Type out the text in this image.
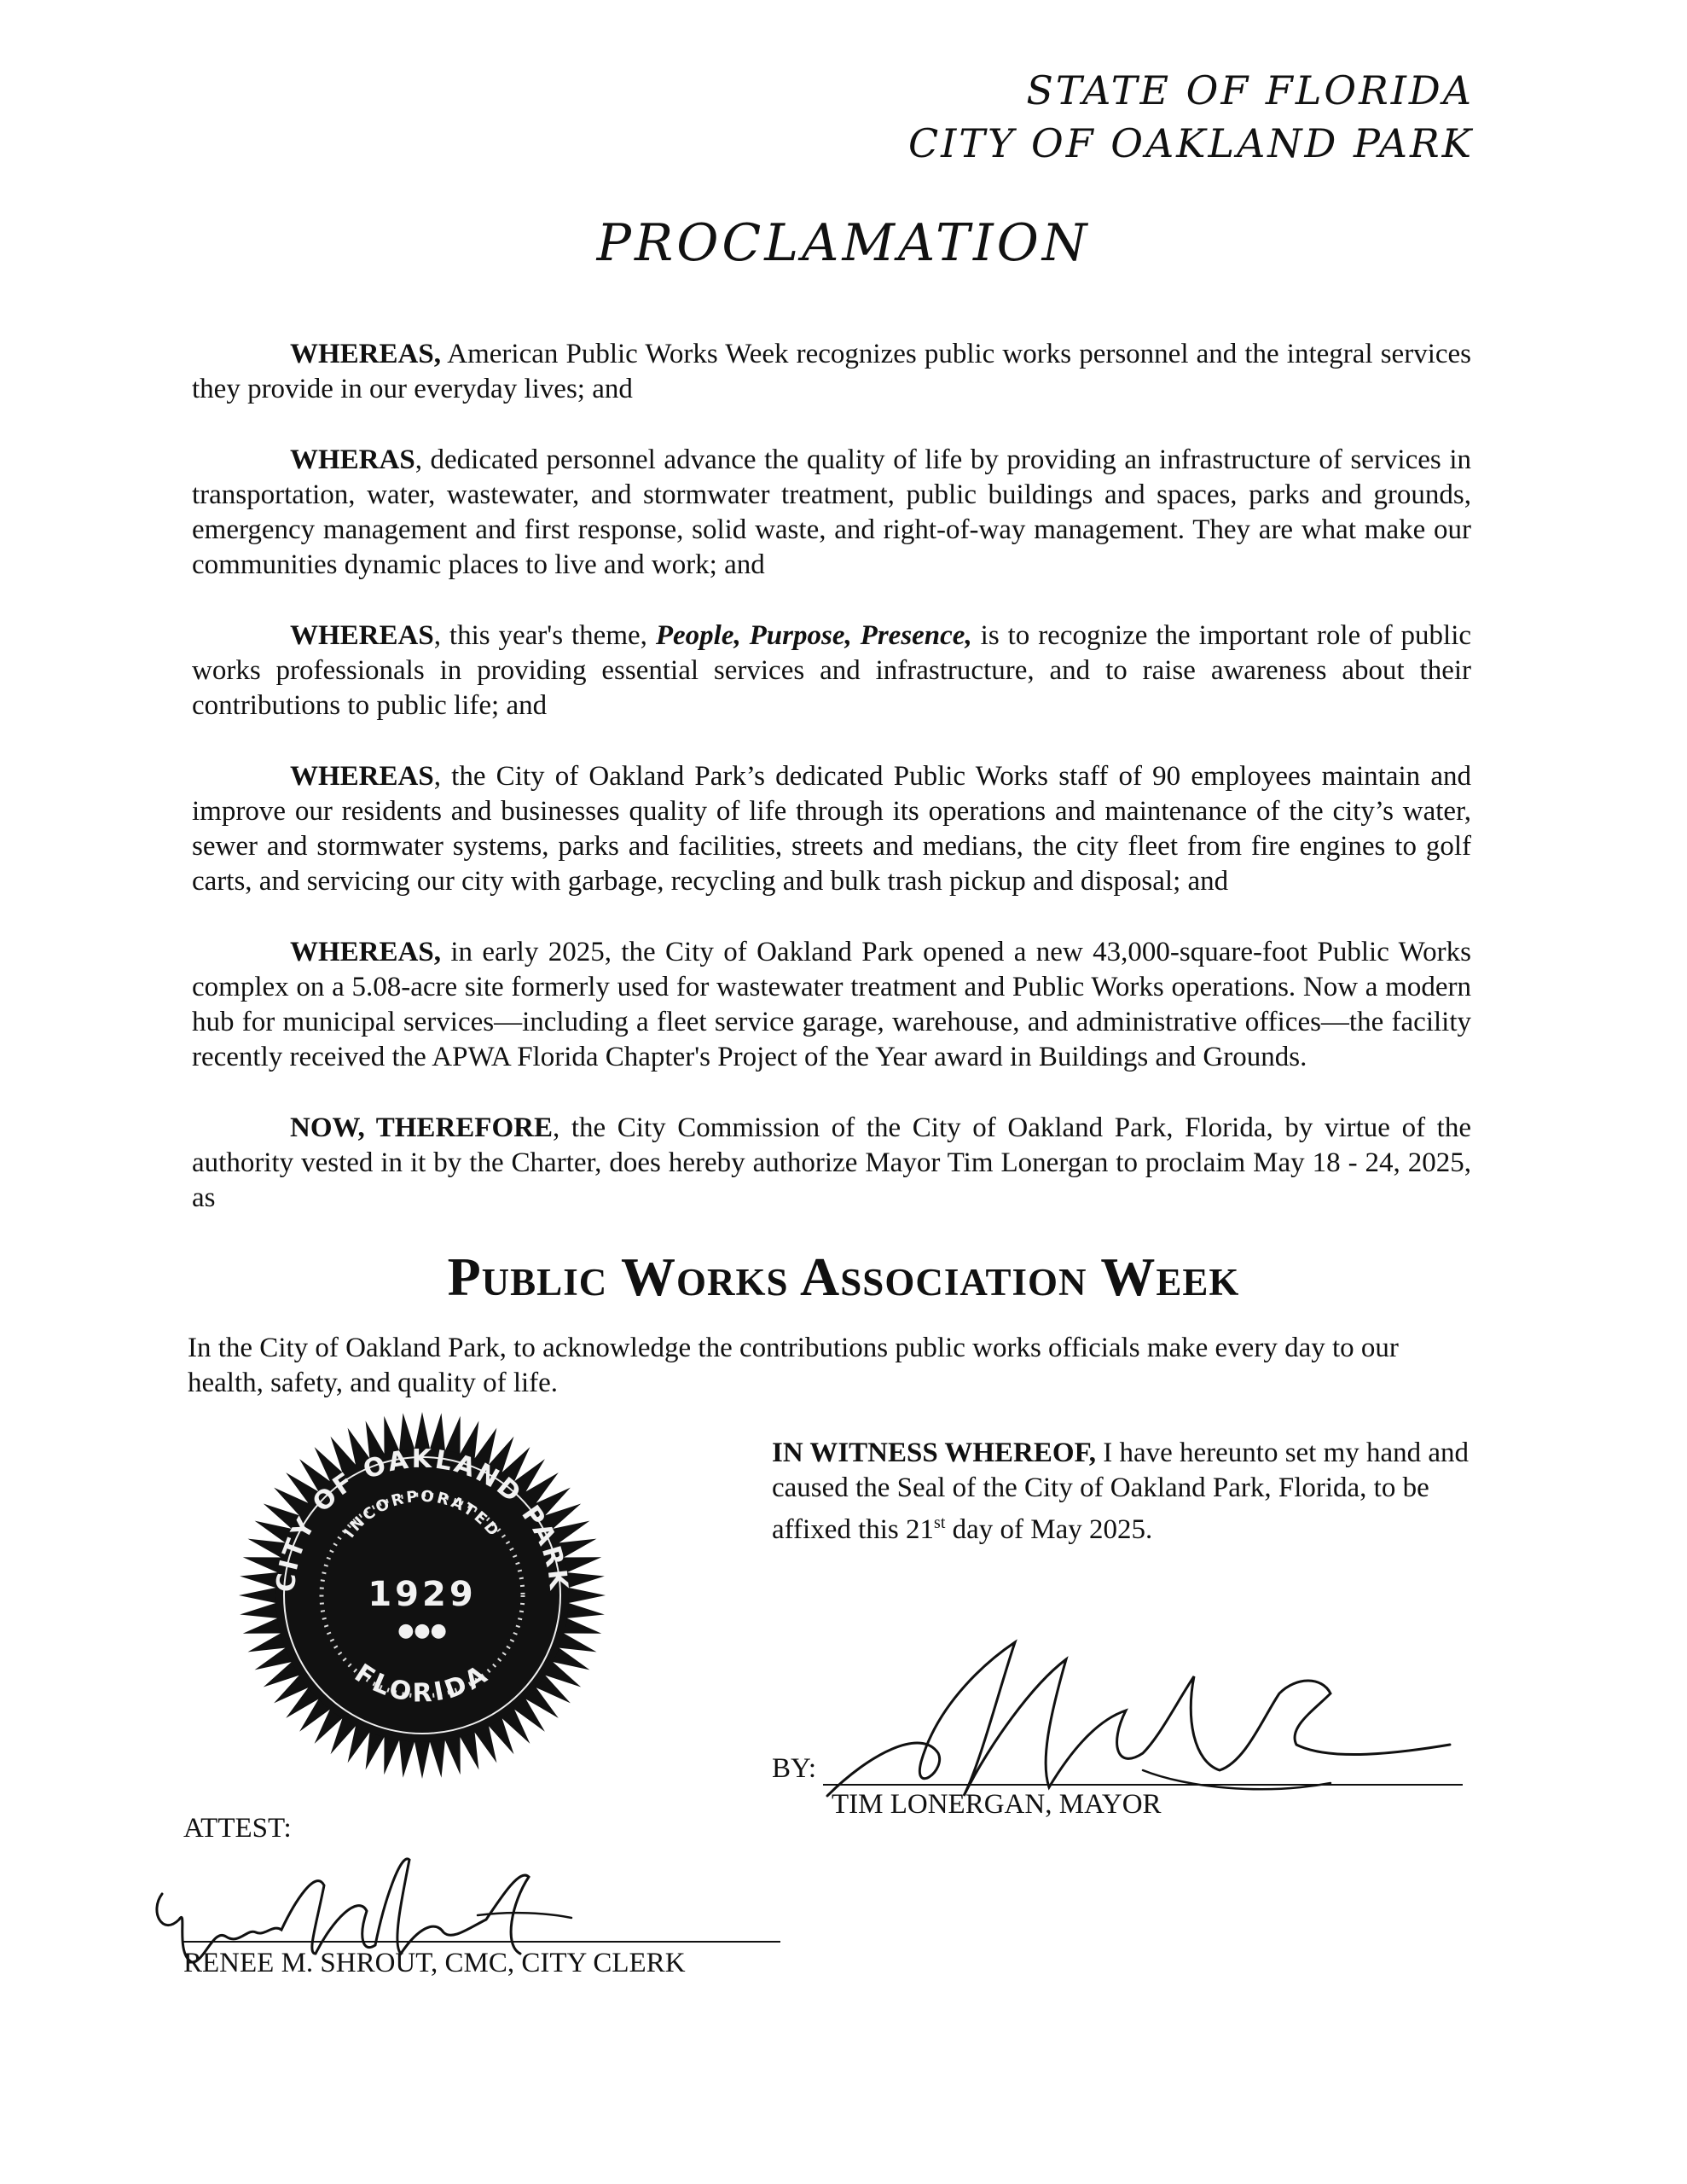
STATE OF FLORIDA
CITY OF OAKLAND PARK
PROCLAMATION

WHEREAS, American Public Works Week recognizes public works personnel and the integral services they provide in our everyday lives; and

WHERAS, dedicated personnel advance the quality of life by providing an infrastructure of services in transportation, water, wastewater, and stormwater treatment, public buildings and spaces, parks and grounds, emergency management and first response, solid waste, and right-of-way management. They are what make our communities dynamic places to live and work; and

WHEREAS, this year's theme, People, Purpose, Presence, is to recognize the important role of public works professionals in providing essential services and infrastructure, and to raise awareness about their contributions to public life; and

WHEREAS, the City of Oakland Park’s dedicated Public Works staff of 90 employees maintain and improve our residents and businesses quality of life through its operations and maintenance of the city’s water, sewer and stormwater systems, parks and facilities, streets and medians, the city fleet from fire engines to golf carts, and servicing our city with garbage, recycling and bulk trash pickup and disposal; and

WHEREAS, in early 2025, the City of Oakland Park opened a new 43,000-square-foot Public Works complex on a 5.08-acre site formerly used for wastewater treatment and Public Works operations. Now a modern hub for municipal services—including a fleet service garage, warehouse, and administrative offices—the facility recently received the APWA Florida Chapter's Project of the Year award in Buildings and Grounds.

NOW, THEREFORE, the City Commission of the City of Oakland Park, Florida, by virtue of the authority vested in it by the Charter, does hereby authorize Mayor Tim Lonergan to proclaim May 18 - 24, 2025, as

Public Works Association Week
In the City of Oakland Park, to acknowledge the contributions public works officials make every day to our health, safety, and quality of life.
CITY OF OAKLAND PARK
INCORPORATED
1929
●●●
FLORIDA
IN WITNESS WHEREOF, I have hereunto set my hand and caused the Seal of the City of Oakland Park, Florida, to be affixed this 21st day of May 2025.
BY:
TIM LONERGAN, MAYOR
ATTEST:
RENEE M. SHROUT, CMC, CITY CLERK
